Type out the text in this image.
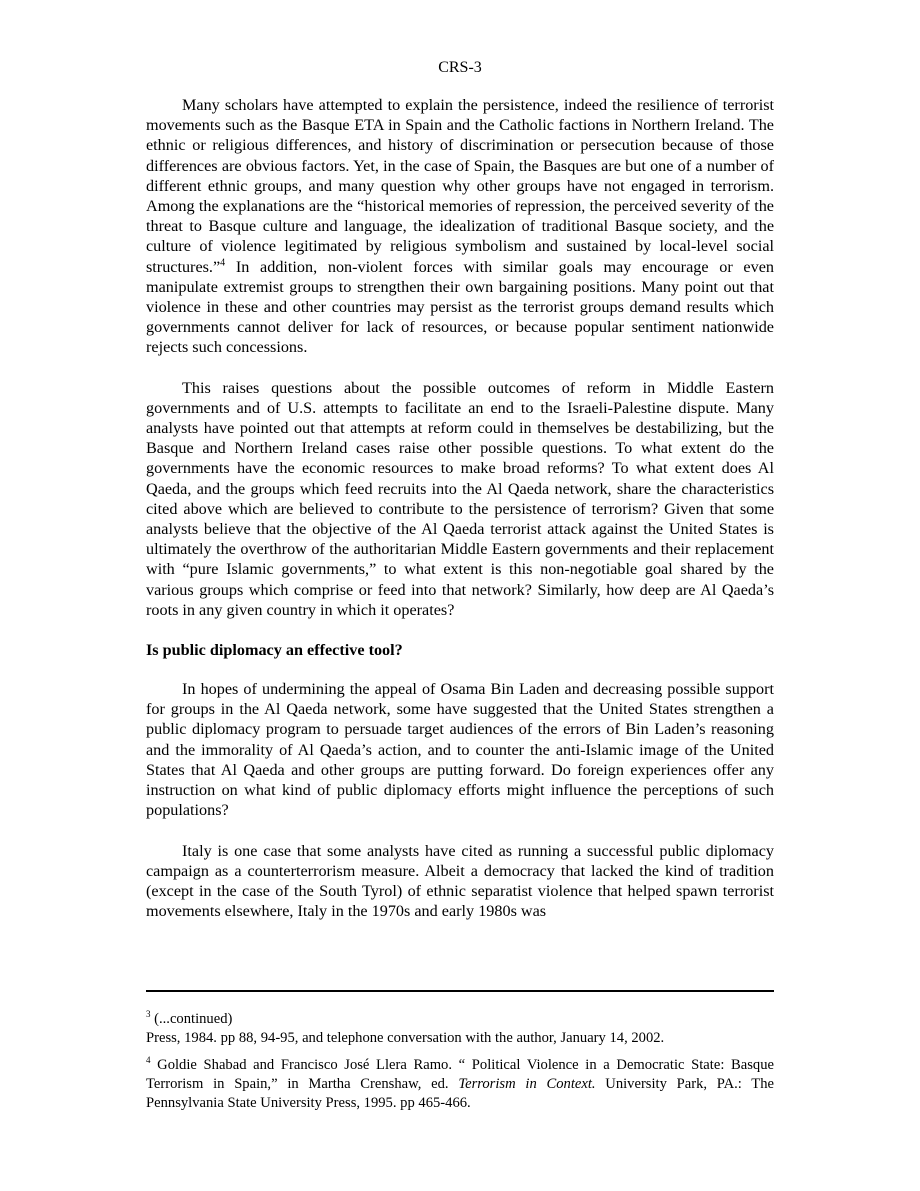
CRS-3

Many scholars have attempted to explain the persistence, indeed the resilience of terrorist movements such as the Basque ETA in Spain and the Catholic factions in Northern Ireland. The ethnic or religious differences, and history of discrimination or persecution because of those differences are obvious factors. Yet, in the case of Spain, the Basques are but one of a number of different ethnic groups, and many question why other groups have not engaged in terrorism. Among the explanations are the “historical memories of repression, the perceived severity of the threat to Basque culture and language, the idealization of traditional Basque society, and the culture of violence legitimated by religious symbolism and sustained by local-level social structures.”$^4$ In addition, non-violent forces with similar goals may encourage or even manipulate extremist groups to strengthen their own bargaining positions. Many point out that violence in these and other countries may persist as the terrorist groups demand results which governments cannot deliver for lack of resources, or because popular sentiment nationwide rejects such concessions.

This raises questions about the possible outcomes of reform in Middle Eastern governments and of U.S. attempts to facilitate an end to the Israeli-Palestine dispute. Many analysts have pointed out that attempts at reform could in themselves be destabilizing, but the Basque and Northern Ireland cases raise other possible questions. To what extent do the governments have the economic resources to make broad reforms? To what extent does Al Qaeda, and the groups which feed recruits into the Al Qaeda network, share the characteristics cited above which are believed to contribute to the persistence of terrorism? Given that some analysts believe that the objective of the Al Qaeda terrorist attack against the United States is ultimately the overthrow of the authoritarian Middle Eastern governments and their replacement with “pure Islamic governments,” to what extent is this non-negotiable goal shared by the various groups which comprise or feed into that network? Similarly, how deep are Al Qaeda’s roots in any given country in which it operates?

Is public diplomacy an effective tool?

In hopes of undermining the appeal of Osama Bin Laden and decreasing possible support for groups in the Al Qaeda network, some have suggested that the United States strengthen a public diplomacy program to persuade target audiences of the errors of Bin Laden’s reasoning and the immorality of Al Qaeda’s action, and to counter the anti-Islamic image of the United States that Al Qaeda and other groups are putting forward. Do foreign experiences offer any instruction on what kind of public diplomacy efforts might influence the perceptions of such populations?

Italy is one case that some analysts have cited as running a successful public diplomacy campaign as a counterterrorism measure. Albeit a democracy that lacked the kind of tradition (except in the case of the South Tyrol) of ethnic separatist violence that helped spawn terrorist movements elsewhere, Italy in the 1970s and early 1980s was

$^3$ (...continued)
Press, 1984. pp 88, 94-95, and telephone conversation with the author, January 14, 2002.

$^4$ Goldie Shabad and Francisco José Llera Ramo. “ Political Violence in a Democratic State: Basque Terrorism in Spain,” in Martha Crenshaw, ed. Terrorism in Context. University Park, PA.: The Pennsylvania State University Press, 1995. pp 465-466.
